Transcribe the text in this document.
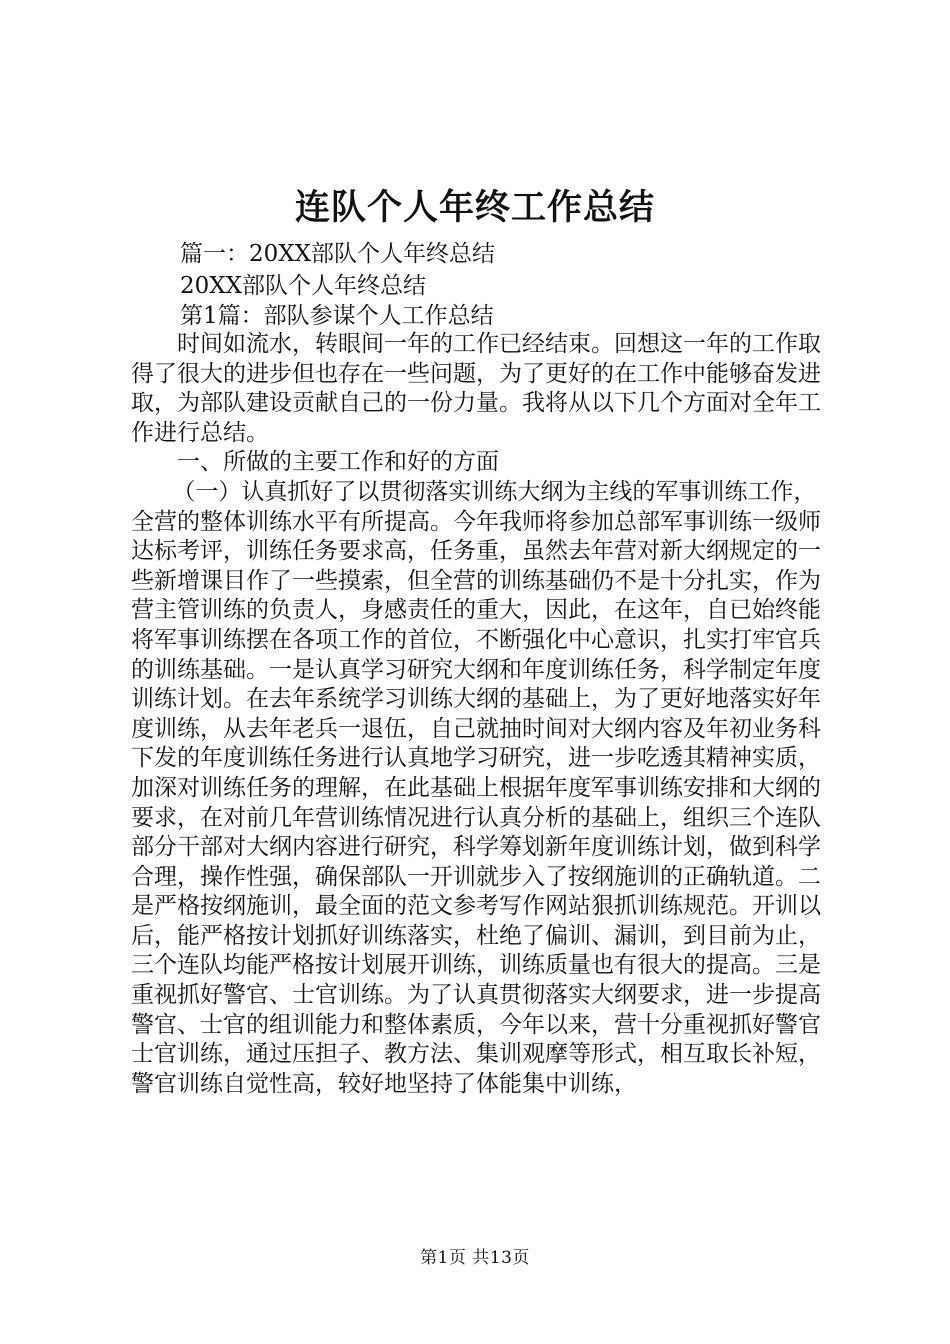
连队个人年终工作总结
篇一：20XX部队个人年终总结
20XX部队个人年终总结
第1篇：部队参谋个人工作总结

时间如流水，转眼间一年的工作已经结束。回想这一年的工作取得了很大的进步但也存在一些问题，为了更好的在工作中能够奋发进取，为部队建设贡献自己的一份力量。我将从以下几个方面对全年工作进行总结。

一、所做的主要工作和好的方面

（一）认真抓好了以贯彻落实训练大纲为主线的军事训练工作，全营的整体训练水平有所提高。今年我师将参加总部军事训练一级师达标考评，训练任务要求高，任务重，虽然去年营对新大纲规定的一些新增课目作了一些摸索，但全营的训练基础仍不是十分扎实，作为营主管训练的负责人，身感责任的重大，因此，在这年，自已始终能将军事训练摆在各项工作的首位，不断强化中心意识，扎实打牢官兵的训练基础。一是认真学习研究大纲和年度训练任务，科学制定年度训练计划。在去年系统学习训练大纲的基础上，为了更好地落实好年度训练，从去年老兵一退伍，自己就抽时间对大纲内容及年初业务科下发的年度训练任务进行认真地学习研究，进一步吃透其精神实质，加深对训练任务的理解，在此基础上根据年度军事训练安排和大纲的要求，在对前几年营训练情况进行认真分析的基础上，组织三个连队部分干部对大纲内容进行研究，科学筹划新年度训练计划，做到科学合理，操作性强，确保部队一开训就步入了按纲施训的正确轨道。二是严格按纲施训，最全面的范文参考写作网站狠抓训练规范。开训以后，能严格按计划抓好训练落实，杜绝了偏训、漏训，到目前为止，三个连队均能严格按计划展开训练，训练质量也有很大的提高。三是重视抓好警官、士官训练。为了认真贯彻落实大纲要求，进一步提高警官、士官的组训能力和整体素质，今年以来，营十分重视抓好警官士官训练，通过压担子、教方法、集训观摩等形式，相互取长补短，警官训练自觉性高，较好地坚持了体能集中训练，

第1页 共13页
